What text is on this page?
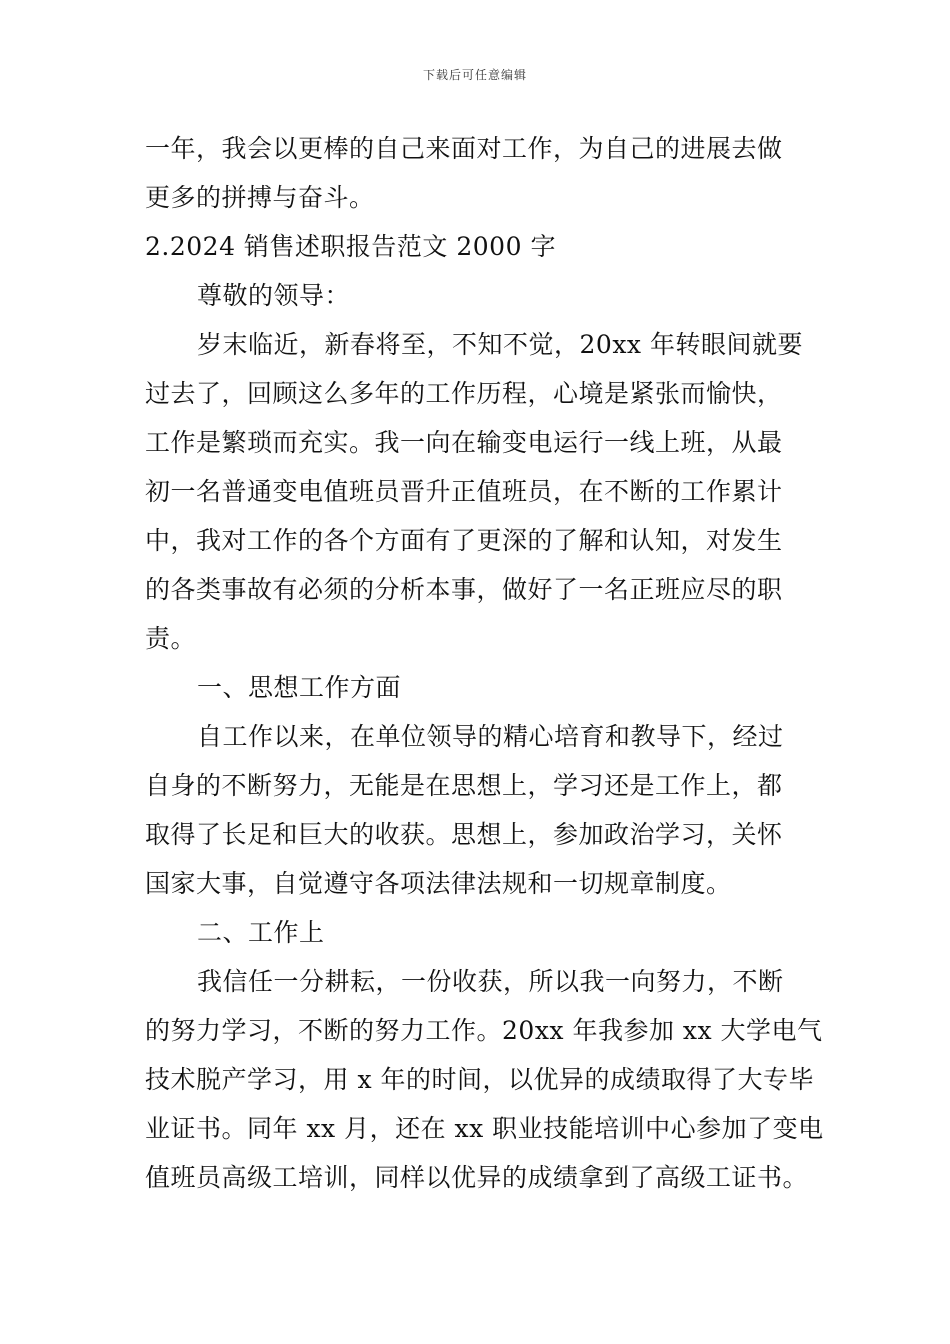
下载后可任意编辑
一年，我会以更棒的自己来面对工作，为自己的进展去做
更多的拼搏与奋斗。
2.2024 销售述职报告范文 2000 字
尊敬的领导：
岁末临近，新春将至，不知不觉，20xx 年转眼间就要
过去了，回顾这么多年的工作历程，心境是紧张而愉快，
工作是繁琐而充实。我一向在输变电运行一线上班，从最
初一名普通变电值班员晋升正值班员，在不断的工作累计
中，我对工作的各个方面有了更深的了解和认知，对发生
的各类事故有必须的分析本事，做好了一名正班应尽的职
责。
一、思想工作方面
自工作以来，在单位领导的精心培育和教导下，经过
自身的不断努力，无能是在思想上，学习还是工作上，都
取得了长足和巨大的收获。思想上，参加政治学习，关怀
国家大事，自觉遵守各项法律法规和一切规章制度。
二、工作上
我信任一分耕耘，一份收获，所以我一向努力，不断
的努力学习，不断的努力工作。20xx 年我参加 xx 大学电气
技术脱产学习，用 x 年的时间，以优异的成绩取得了大专毕
业证书。同年 xx 月，还在 xx 职业技能培训中心参加了变电
值班员高级工培训，同样以优异的成绩拿到了高级工证书。
